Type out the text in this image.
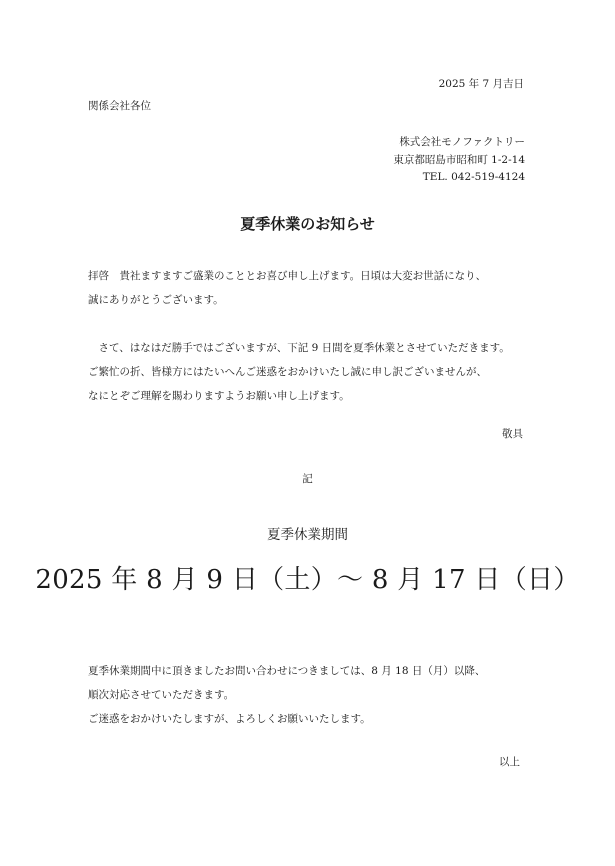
2025 年 7 月吉日

関係会社各位

株式会社モノファクトリー
東京都昭島市昭和町 1-2-14
TEL. 042-519-4124
夏季休業のお知らせ
拝啓　貴社ますますご盛業のこととお喜び申し上げます。日頃は大変お世話になり、
誠にありがとうございます。
　さて、はなはだ勝手ではございますが、下記 9 日間を夏季休業とさせていただきます。
ご繁忙の折、皆様方にはたいへんご迷惑をおかけいたし誠に申し訳ございませんが、
なにとぞご理解を賜わりますようお願い申し上げます。

敬具

記

夏季休業期間

2025 年 8 月 9 日（土）～ 8 月 17 日（日）

夏季休業期間中に頂きましたお問い合わせにつきましては、8 月 18 日（月）以降、
順次対応させていただきます。
ご迷惑をおかけいたしますが、よろしくお願いいたします。

以上
